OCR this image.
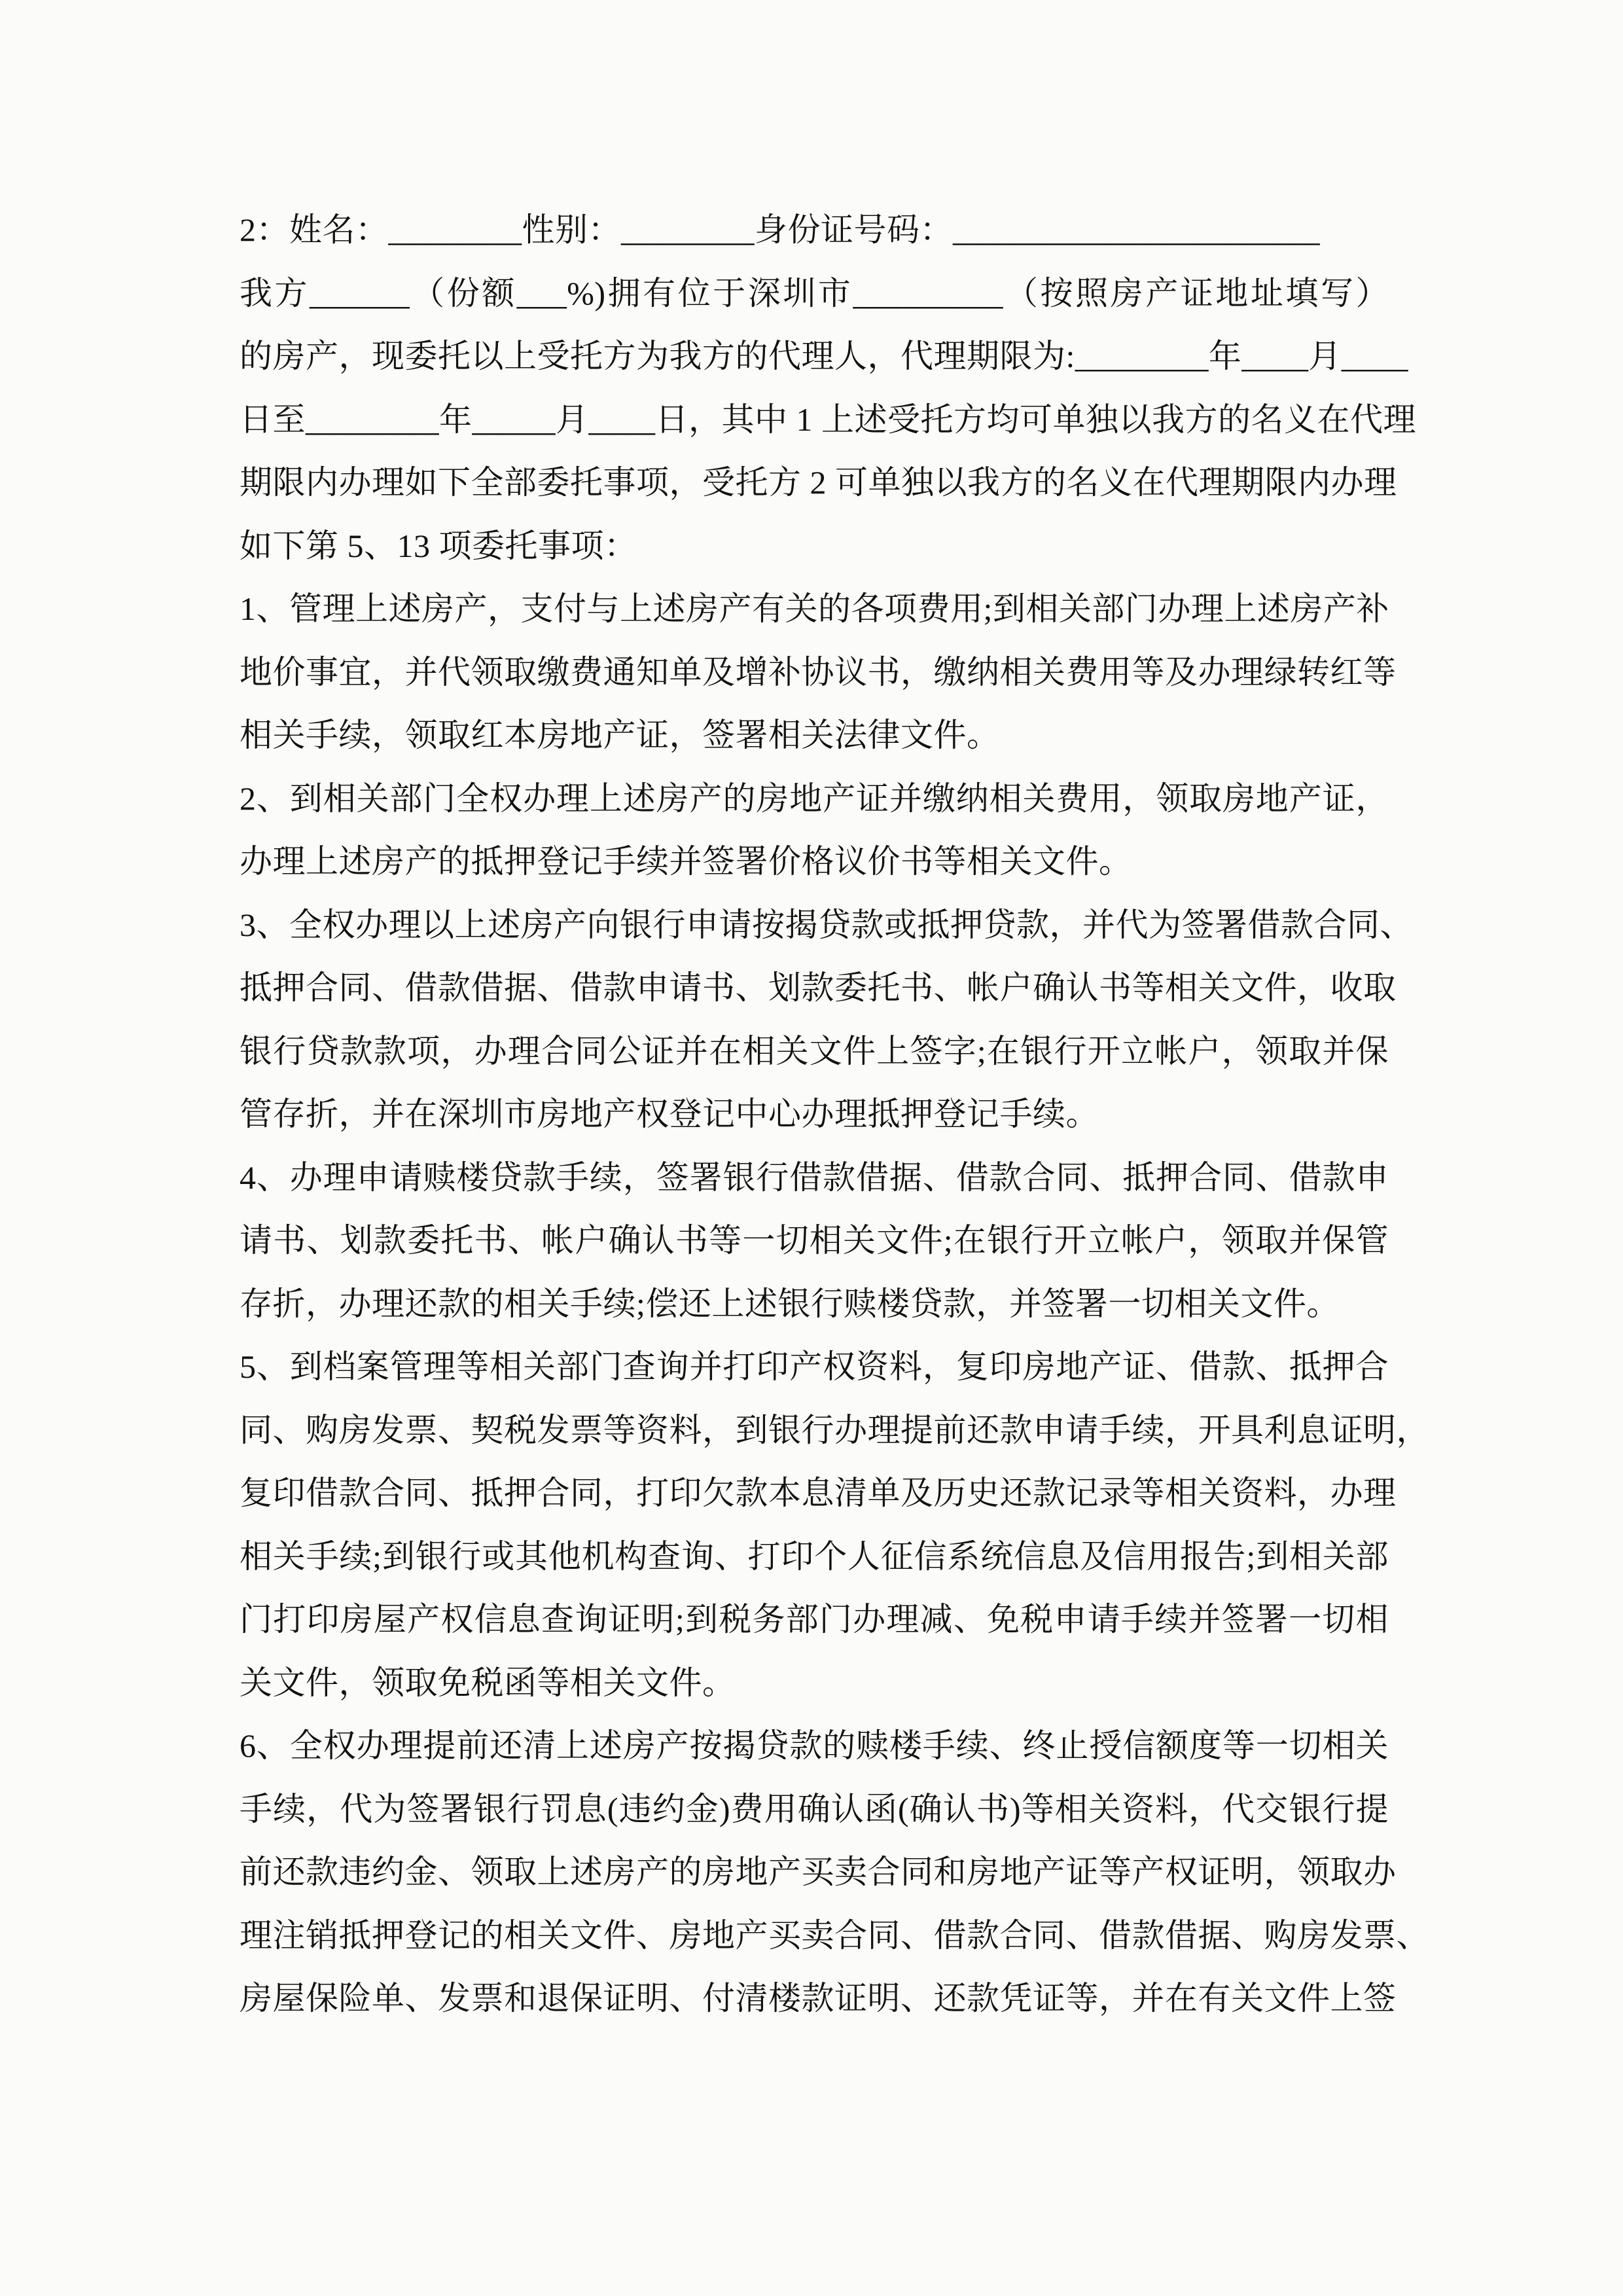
2：姓名：________性别：________身份证号码：______________________
我方______（份额___%)拥有位于深圳市_________（按照房产证地址填写）
的房产，现委托以上受托方为我方的代理人，代理期限为:________年____月____
日至________年_____月____日，其中 1 上述受托方均可单独以我方的名义在代理
期限内办理如下全部委托事项，受托方 2 可单独以我方的名义在代理期限内办理
如下第 5、13 项委托事项：
1、管理上述房产，支付与上述房产有关的各项费用;到相关部门办理上述房产补
地价事宜，并代领取缴费通知单及增补协议书，缴纳相关费用等及办理绿转红等
相关手续，领取红本房地产证，签署相关法律文件。
2、到相关部门全权办理上述房产的房地产证并缴纳相关费用，领取房地产证，
办理上述房产的抵押登记手续并签署价格议价书等相关文件。
3、全权办理以上述房产向银行申请按揭贷款或抵押贷款，并代为签署借款合同、
抵押合同、借款借据、借款申请书、划款委托书、帐户确认书等相关文件，收取
银行贷款款项，办理合同公证并在相关文件上签字;在银行开立帐户，领取并保
管存折，并在深圳市房地产权登记中心办理抵押登记手续。
4、办理申请赎楼贷款手续，签署银行借款借据、借款合同、抵押合同、借款申
请书、划款委托书、帐户确认书等一切相关文件;在银行开立帐户，领取并保管
存折，办理还款的相关手续;偿还上述银行赎楼贷款，并签署一切相关文件。
5、到档案管理等相关部门查询并打印产权资料，复印房地产证、借款、抵押合
同、购房发票、契税发票等资料，到银行办理提前还款申请手续，开具利息证明，
复印借款合同、抵押合同，打印欠款本息清单及历史还款记录等相关资料，办理
相关手续;到银行或其他机构查询、打印个人征信系统信息及信用报告;到相关部
门打印房屋产权信息查询证明;到税务部门办理减、免税申请手续并签署一切相
关文件，领取免税函等相关文件。
6、全权办理提前还清上述房产按揭贷款的赎楼手续、终止授信额度等一切相关
手续，代为签署银行罚息(违约金)费用确认函(确认书)等相关资料，代交银行提
前还款违约金、领取上述房产的房地产买卖合同和房地产证等产权证明，领取办
理注销抵押登记的相关文件、房地产买卖合同、借款合同、借款借据、购房发票、
房屋保险单、发票和退保证明、付清楼款证明、还款凭证等，并在有关文件上签
